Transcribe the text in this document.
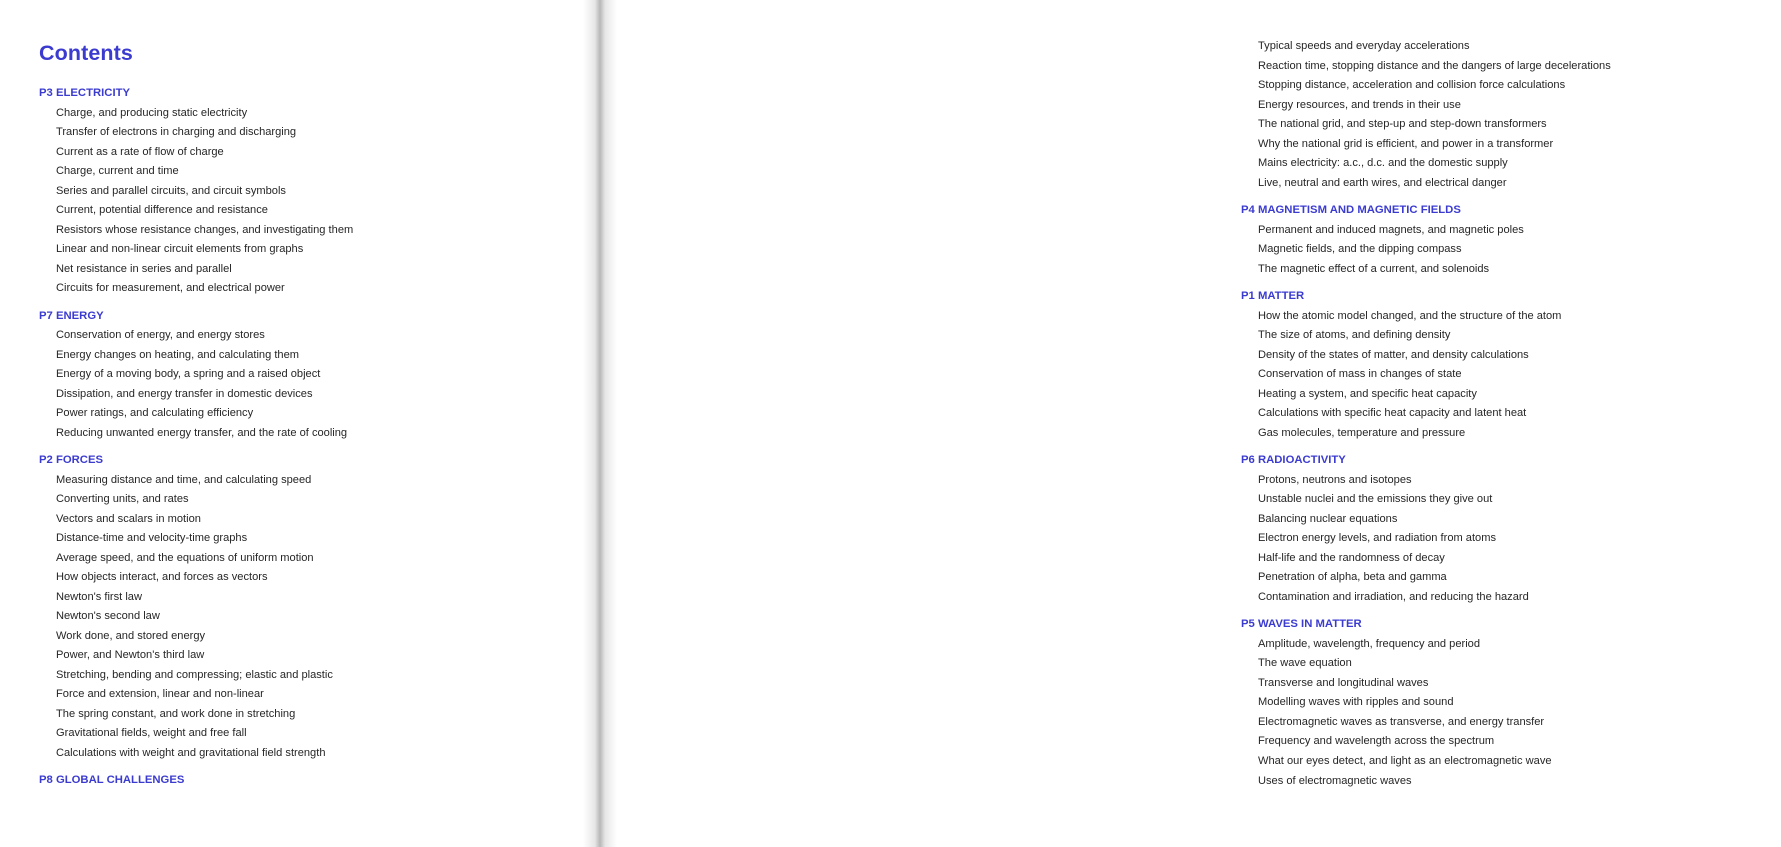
Contents
P3 ELECTRICITY
Charge, and producing static electricity
Transfer of electrons in charging and discharging
Current as a rate of flow of charge
Charge, current and time
Series and parallel circuits, and circuit symbols
Current, potential difference and resistance
Resistors whose resistance changes, and investigating them
Linear and non-linear circuit elements from graphs
Net resistance in series and parallel
Circuits for measurement, and electrical power
P7 ENERGY
Conservation of energy, and energy stores
Energy changes on heating, and calculating them
Energy of a moving body, a spring and a raised object
Dissipation, and energy transfer in domestic devices
Power ratings, and calculating efficiency
Reducing unwanted energy transfer, and the rate of cooling
P2 FORCES
Measuring distance and time, and calculating speed
Converting units, and rates
Vectors and scalars in motion
Distance-time and velocity-time graphs
Average speed, and the equations of uniform motion
How objects interact, and forces as vectors
Newton's first law
Newton's second law
Work done, and stored energy
Power, and Newton's third law
Stretching, bending and compressing; elastic and plastic
Force and extension, linear and non-linear
The spring constant, and work done in stretching
Gravitational fields, weight and free fall
Calculations with weight and gravitational field strength
P8 GLOBAL CHALLENGES
Typical speeds and everyday accelerations
Reaction time, stopping distance and the dangers of large decelerations
Stopping distance, acceleration and collision force calculations
Energy resources, and trends in their use
The national grid, and step-up and step-down transformers
Why the national grid is efficient, and power in a transformer
Mains electricity: a.c., d.c. and the domestic supply
Live, neutral and earth wires, and electrical danger
P4 MAGNETISM AND MAGNETIC FIELDS
Permanent and induced magnets, and magnetic poles
Magnetic fields, and the dipping compass
The magnetic effect of a current, and solenoids
P1 MATTER
How the atomic model changed, and the structure of the atom
The size of atoms, and defining density
Density of the states of matter, and density calculations
Conservation of mass in changes of state
Heating a system, and specific heat capacity
Calculations with specific heat capacity and latent heat
Gas molecules, temperature and pressure
P6 RADIOACTIVITY
Protons, neutrons and isotopes
Unstable nuclei and the emissions they give out
Balancing nuclear equations
Electron energy levels, and radiation from atoms
Half-life and the randomness of decay
Penetration of alpha, beta and gamma
Contamination and irradiation, and reducing the hazard
P5 WAVES IN MATTER
Amplitude, wavelength, frequency and period
The wave equation
Transverse and longitudinal waves
Modelling waves with ripples and sound
Electromagnetic waves as transverse, and energy transfer
Frequency and wavelength across the spectrum
What our eyes detect, and light as an electromagnetic wave
Uses of electromagnetic waves
